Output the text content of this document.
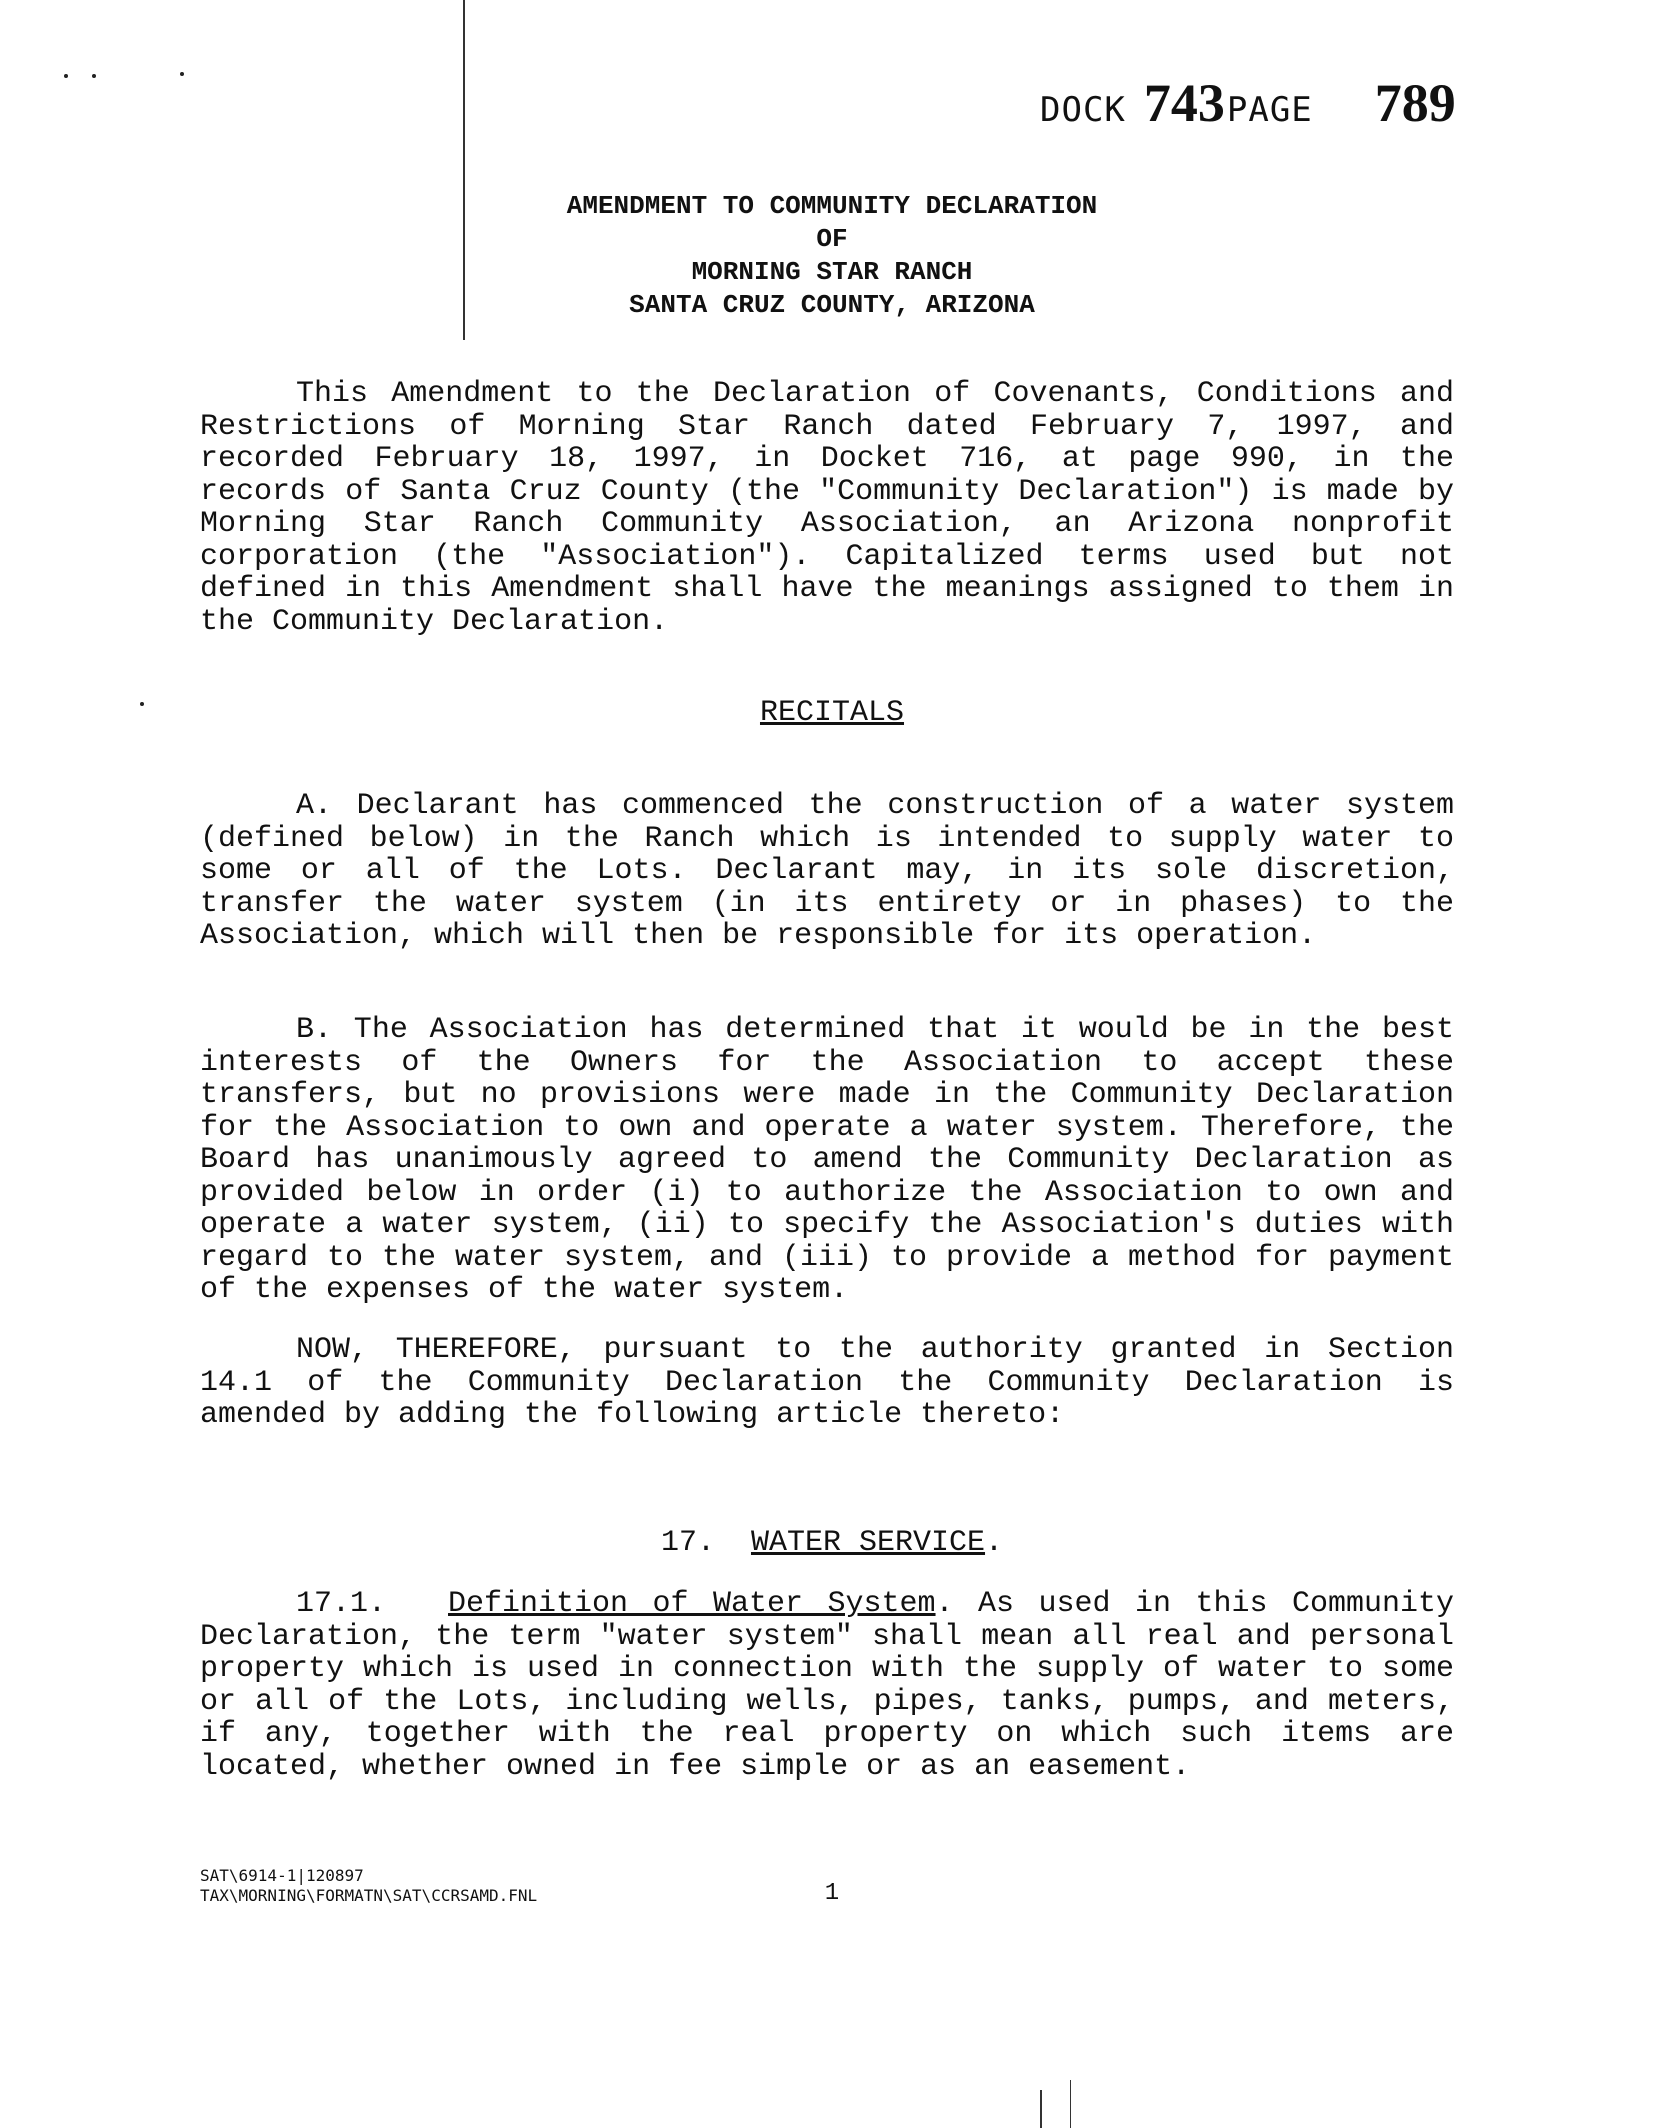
DOCK 743 PAGE 789
AMENDMENT TO COMMUNITY DECLARATION
OF
MORNING STAR RANCH
SANTA CRUZ COUNTY, ARIZONA

This Amendment to the Declaration of Covenants, Conditions and Restrictions of Morning Star Ranch dated February 7, 1997, and recorded February 18, 1997, in Docket 716, at page 990, in the records of Santa Cruz County (the "Community Declaration") is made by Morning Star Ranch Community Association, an Arizona nonprofit corporation (the "Association"). Capitalized terms used but not defined in this Amendment shall have the meanings assigned to them in the Community Declaration.

RECITALS

A. Declarant has commenced the construction of a water system (defined below) in the Ranch which is intended to supply water to some or all of the Lots. Declarant may, in its sole discretion, transfer the water system (in its entirety or in phases) to the Association, which will then be responsible for its operation.

B. The Association has determined that it would be in the best interests of the Owners for the Association to accept these transfers, but no provisions were made in the Community Declaration for the Association to own and operate a water system. Therefore, the Board has unanimously agreed to amend the Community Declaration as provided below in order (i) to authorize the Association to own and operate a water system, (ii) to specify the Association's duties with regard to the water system, and (iii) to provide a method for payment of the expenses of the water system.

NOW, THEREFORE, pursuant to the authority granted in Section 14.1 of the Community Declaration the Community Declaration is amended by adding the following article thereto:

17. WATER SERVICE.

17.1. Definition of Water System. As used in this Community Declaration, the term "water system" shall mean all real and personal property which is used in connection with the supply of water to some or all of the Lots, including wells, pipes, tanks, pumps, and meters, if any, together with the real property on which such items are located, whether owned in fee simple or as an easement.

SAT\6914-1|120897
TAX\MORNING\FORMATN\SAT\CCRSAMD.FNL	1
